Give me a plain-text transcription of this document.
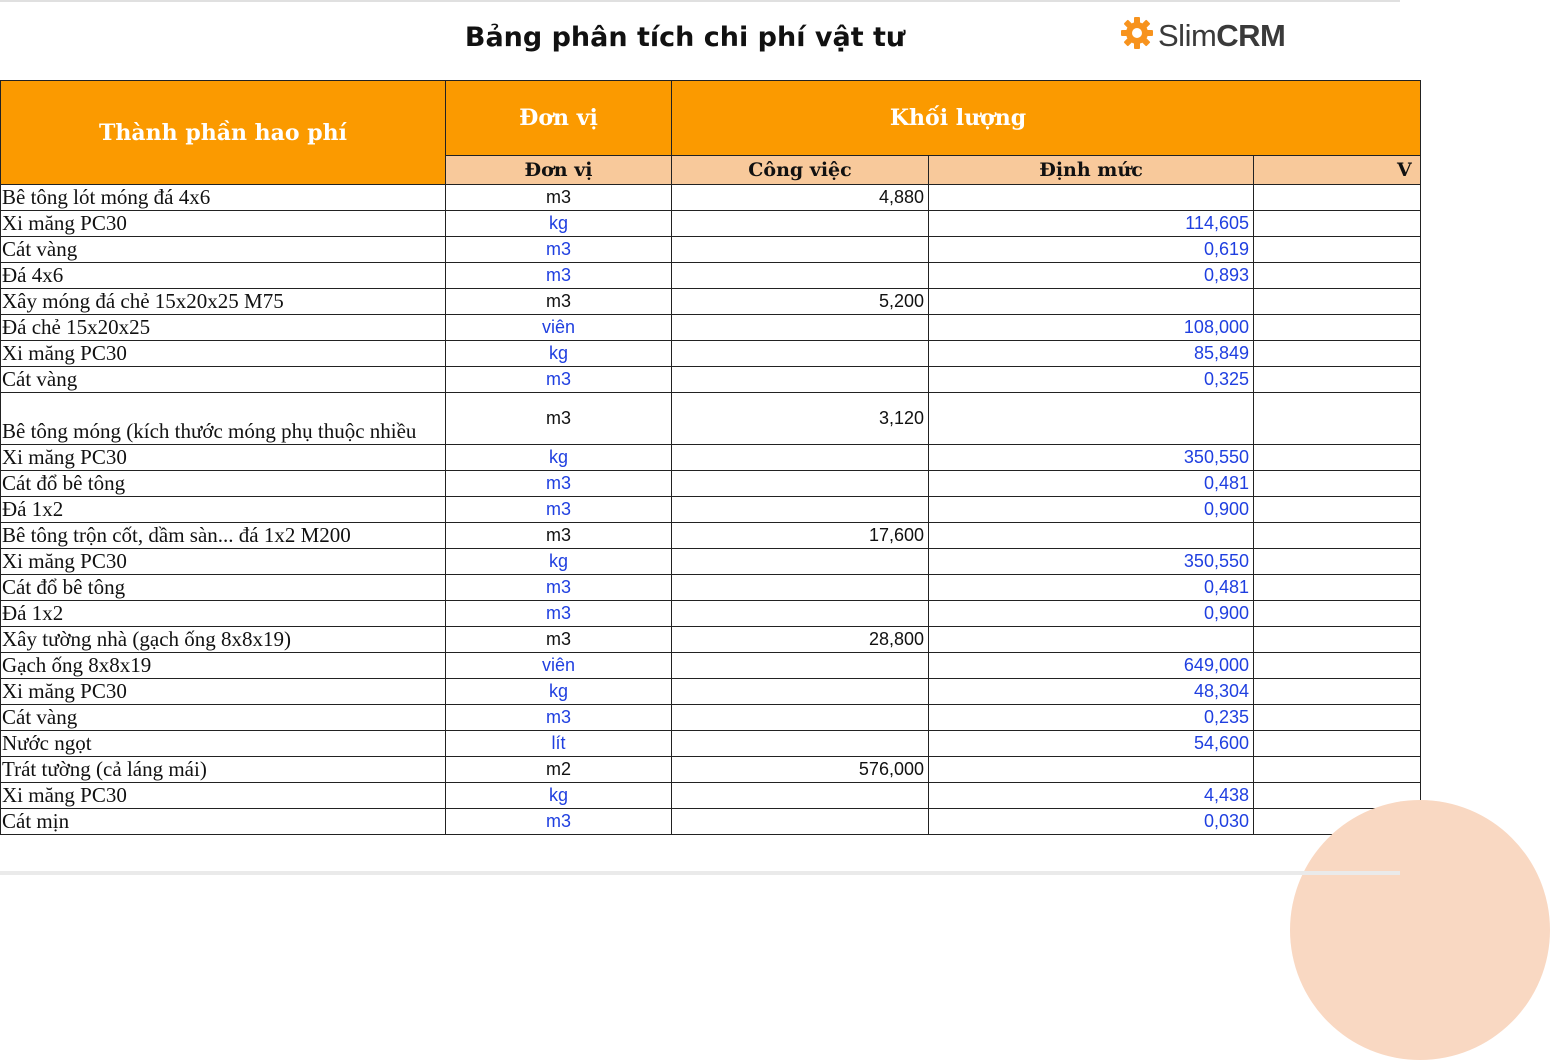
Bảng phân tích chi phí vật tư	SlimCRM
Thành phần hao phí	Đơn vị	Khối lượng		
	Đơn vị	Công việc	Định mức	V
Bê tông lót móng đá 4x6	m3	4,880		
Xi măng PC30	kg		114,605	
Cát vàng	m3		0,619	
Đá 4x6	m3		0,893	
Xây móng đá chẻ 15x20x25 M75	m3	5,200		
Đá chẻ 15x20x25	viên		108,000	
Xi măng PC30	kg		85,849	
Cát vàng	m3		0,325	
Bê tông móng (kích thước móng phụ thuộc nhiều	m3	3,120		
Xi măng PC30	kg		350,550	
Cát đổ bê tông	m3		0,481	
Đá 1x2	m3		0,900	
Bê tông trộn cốt, dầm sàn... đá 1x2 M200	m3	17,600		
Xi măng PC30	kg		350,550	
Cát đổ bê tông	m3		0,481	
Đá 1x2	m3		0,900	
Xây tường nhà (gạch ống 8x8x19)	m3	28,800		
Gạch ống 8x8x19	viên		649,000	
Xi măng PC30	kg		48,304	
Cát vàng	m3		0,235	
Nước ngọt	lít		54,600	
Trát tường (cả láng mái)	m2	576,000		
Xi măng PC30	kg		4,438	
Cát mịn	m3		0,030	
